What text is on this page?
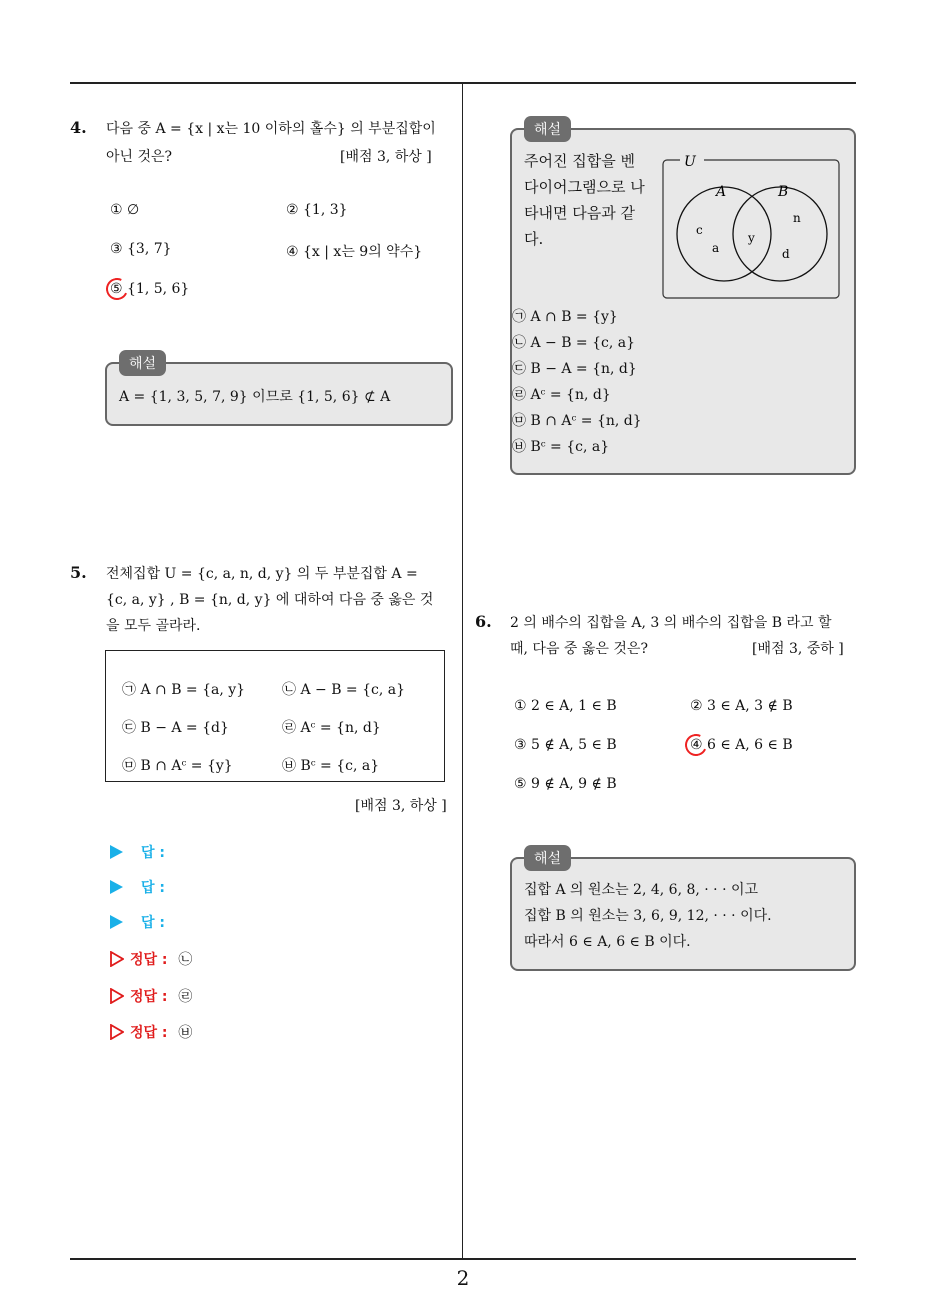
4. 다음 중 A = {x | x는 10 이하의 홀수} 의 부분집합이
아닌 것은?	[배점 3, 하상 ]
① ∅	② {1, 3}
③ {3, 7}	④ {x | x는 9의 약수}
⑤ {1, 5, 6}
해설
A = {1, 3, 5, 7, 9} 이므로 {1, 5, 6} ⊄ A
5. 전체집합 U = {c, a, n, d, y} 의 두 부분집합 A =
{c, a, y} , B = {n, d, y} 에 대하여 다음 중 옳은 것
을 모두 골라라.
㉠ A ∩ B = {a, y}	㉡ A − B = {c, a}
㉢ B − A = {d}	㉣ Aᶜ = {n, d}
㉤ B ∩ Aᶜ = {y}	㉥ Bᶜ = {c, a}
[배점 3, 하상 ]
답 :
답 :
답 :
정답 : ㉡
정답 : ㉣
정답 : ㉥
해설
주어진 집합을 벤
다이어그램으로 나
타내면 다음과 같
다.
U
A	B
c
a
y
n
d
㉠ A ∩ B = {y}
㉡ A − B = {c, a}
㉢ B − A = {n, d}
㉣ Aᶜ = {n, d}
㉤ B ∩ Aᶜ = {n, d}
㉥ Bᶜ = {c, a}
6. 2 의 배수의 집합을 A, 3 의 배수의 집합을 B 라고 할
때, 다음 중 옳은 것은?	[배점 3, 중하 ]
① 2 ∈ A, 1 ∈ B	② 3 ∈ A, 3 ∉ B
③ 5 ∉ A, 5 ∈ B	④ 6 ∈ A, 6 ∈ B
⑤ 9 ∉ A, 9 ∉ B
해설
집합 A 의 원소는 2, 4, 6, 8, · · · 이고
집합 B 의 원소는 3, 6, 9, 12, · · · 이다.
따라서 6 ∈ A, 6 ∈ B 이다.
2
